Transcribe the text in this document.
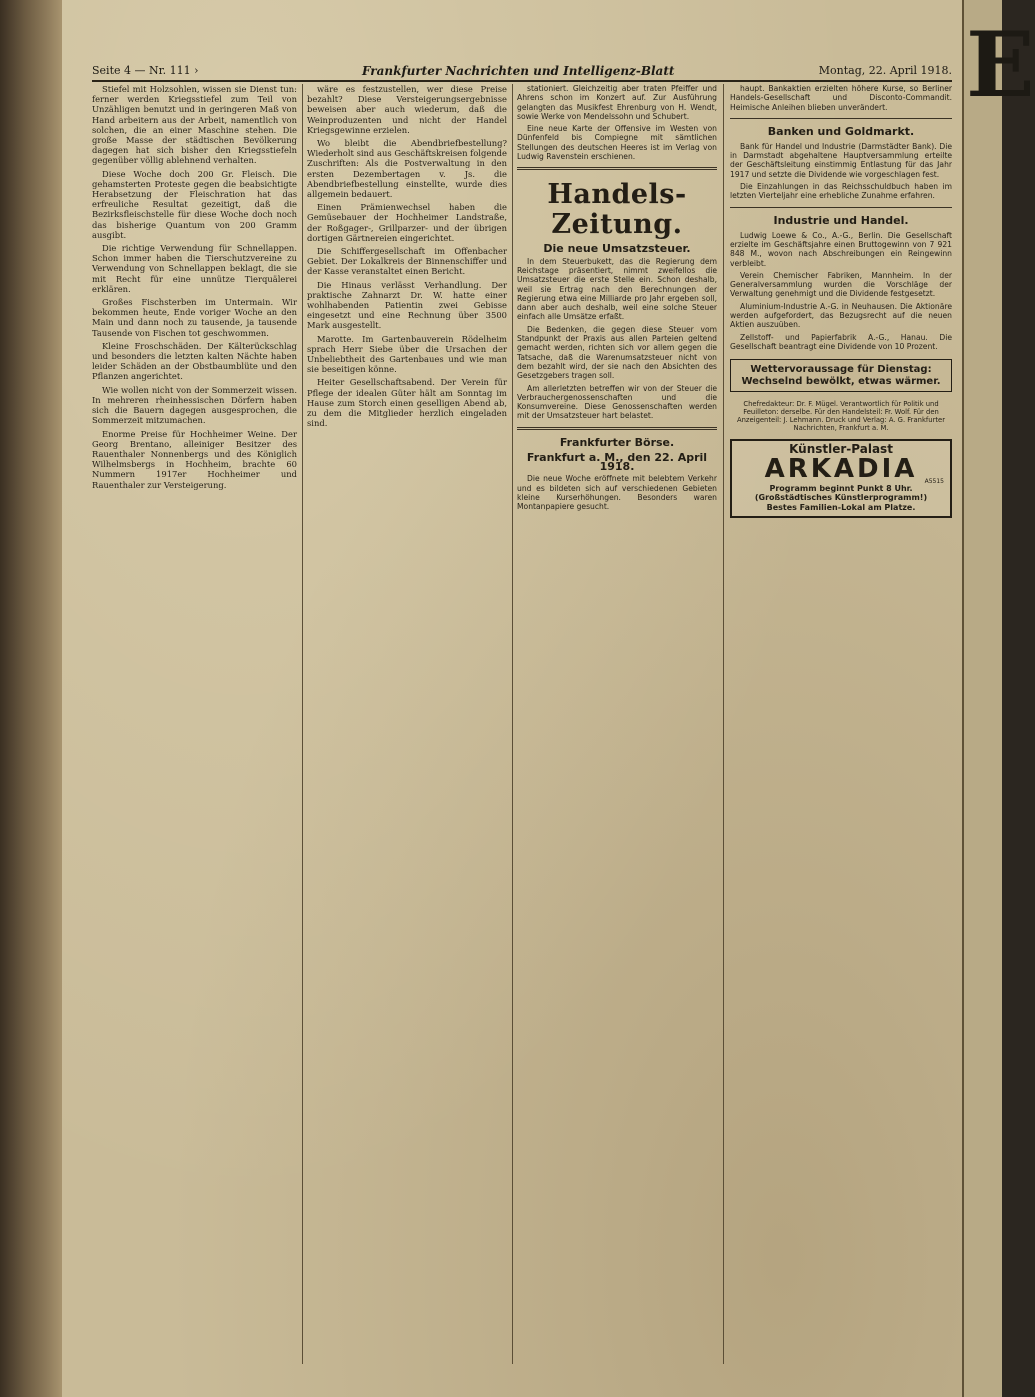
Seite 4 — Nr. 111 ›	Frankfurter Nachrichten und Intelligenz-Blatt	Montag, 22. April 1918.

Stiefel mit Holzsohlen, wissen sie Dienst tun: ferner werden Kriegsstiefel zum Teil von Unzähligen benutzt und in geringeren Maß von Hand arbeitern aus der Arbeit, namentlich von solchen, die an einer Maschine stehen. Die große Masse der städtischen Bevölkerung dagegen hat sich bisher den Kriegsstiefeln gegenüber völlig ablehnend verhalten.

Diese Woche doch 200 Gr. Fleisch. Die gehamsterten Proteste gegen die beabsichtigte Herabsetzung der Fleischration hat das erfreuliche Resultat gezeitigt, daß die Bezirksfleischstelle für diese Woche doch noch das bisherige Quantum von 200 Gramm ausgibt.

Die richtige Verwendung für Schnellappen. Schon immer haben die Tierschutzvereine zu Verwendung von Schnellappen beklagt, die sie mit Recht für eine unnütze Tierquälerei erklären.

Großes Fischsterben im Untermain. Wir bekommen heute, Ende voriger Woche an den Main und dann noch zu tausende, ja tausende Tausende von Fischen tot geschwommen.

Kleine Froschschäden. Der Kälterückschlag und besonders die letzten kalten Nächte haben leider Schäden an der Obstbaumblüte und den Pflanzen angerichtet.

Wie wollen nicht von der Sommerzeit wissen. In mehreren rheinhessischen Dörfern haben sich die Bauern dagegen ausgesprochen, die Sommerzeit mitzumachen.

Enorme Preise für Hochheimer Weine. Der Georg Brentano, alleiniger Besitzer des Rauenthaler Nonnenbergs und des Königlich Wilhelmsbergs in Hochheim, brachte 60 Nummern 1917er Hochheimer und Rauenthaler zur Versteigerung.

wäre es festzustellen, wer diese Preise bezahlt? Diese Versteigerungsergebnisse beweisen aber auch wiederum, daß die Weinproduzenten und nicht der Handel Kriegsgewinne erzielen.

Wo bleibt die Abendbriefbestellung? Wiederholt sind aus Geschäftskreisen folgende Zuschriften: Als die Postverwaltung in den ersten Dezembertagen v. Js. die Abendbriefbestellung einstellte, wurde dies allgemein bedauert.

Einen Prämienwechsel haben die Gemüsebauer der Hochheimer Landstraße, der Roßgager-, Grillparzer- und der übrigen dortigen Gärtnereien eingerichtet.

Die Schiffergesellschaft im Offenbacher Gebiet. Der Lokalkreis der Binnenschiffer und der Kasse veranstaltet einen Bericht.

Die Hinaus verlässt Verhandlung. Der praktische Zahnarzt Dr. W. hatte einer wohlhabenden Patientin zwei Gebisse eingesetzt und eine Rechnung über 3500 Mark ausgestellt.

Marotte. Im Gartenbauverein Rödelheim sprach Herr Siebe über die Ursachen der Unbeliebtheit des Gartenbaues und wie man sie beseitigen könne.

Heiter Gesellschaftsabend. Der Verein für Pflege der idealen Güter hält am Sonntag im Hause zum Storch einen geselligen Abend ab, zu dem die Mitglieder herzlich eingeladen sind.

stationiert. Gleichzeitig aber traten Pfeiffer und Ahrens schon im Konzert auf. Zur Ausführung gelangten das Musikfest Ehrenburg von H. Wendt, sowie Werke von Mendelssohn und Schubert.

Eine neue Karte der Offensive im Westen von Dünfenfeld bis Compiegne mit sämtlichen Stellungen des deutschen Heeres ist im Verlag von Ludwig Ravenstein erschienen.

Handels-Zeitung.

Die neue Umsatzsteuer.

In dem Steuerbukett, das die Regierung dem Reichstage präsentiert, nimmt zweifellos die Umsatzsteuer die erste Stelle ein. Schon deshalb, weil sie Ertrag nach den Berechnungen der Regierung etwa eine Milliarde pro Jahr ergeben soll, dann aber auch deshalb, weil eine solche Steuer einfach alle Umsätze erfaßt.

Die Bedenken, die gegen diese Steuer vom Standpunkt der Praxis aus allen Parteien geltend gemacht werden, richten sich vor allem gegen die Tatsache, daß die Warenumsatzsteuer nicht von dem bezahlt wird, der sie nach den Absichten des Gesetzgebers tragen soll.

Am allerletzten betreffen wir von der Steuer die Verbrauchergenossenschaften und die Konsumvereine. Diese Genossenschaften werden mit der Umsatzsteuer hart belastet.

Frankfurter Börse.

Frankfurt a. M., den 22. April 1918.

Die neue Woche eröffnete mit belebtem Verkehr und es bildeten sich auf verschiedenen Gebieten kleine Kurserhöhungen. Besonders waren Montanpapiere gesucht.

haupt. Bankaktien erzielten höhere Kurse, so Berliner Handels-Gesellschaft und Disconto-Commandit. Heimische Anleihen blieben unverändert.

Banken und Goldmarkt.

Bank für Handel und Industrie (Darmstädter Bank). Die in Darmstadt abgehaltene Hauptversammlung erteilte der Geschäftsleitung einstimmig Entlastung für das Jahr 1917 und setzte die Dividende wie vorgeschlagen fest.

Die Einzahlungen in das Reichsschuldbuch haben im letzten Vierteljahr eine erhebliche Zunahme erfahren.

Industrie und Handel.

Ludwig Loewe & Co., A.-G., Berlin. Die Gesellschaft erzielte im Geschäftsjahre einen Bruttogewinn von 7 921 848 M., wovon nach Abschreibungen ein Reingewinn verbleibt.

Verein Chemischer Fabriken, Mannheim. In der Generalversammlung wurden die Vorschläge der Verwaltung genehmigt und die Dividende festgesetzt.

Aluminium-Industrie A.-G. in Neuhausen. Die Aktionäre werden aufgefordert, das Bezugsrecht auf die neuen Aktien auszuüben.

Zellstoff- und Papierfabrik A.-G., Hanau. Die Gesellschaft beantragt eine Dividende von 10 Prozent.

Wettervoraussage für Dienstag:
Wechselnd bewölkt, etwas wärmer.
Chefredakteur: Dr. F. Mügel. Verantwortlich für Politik und Feuilleton: derselbe. Für den Handelsteil: Fr. Wolf. Für den Anzeigenteil: J. Lehmann. Druck und Verlag: A. G. Frankfurter Nachrichten, Frankfurt a. M.
Künstler-Palast
A5515
ARKADIA
Programm beginnt Punkt 8 Uhr.
(Großstädtisches Künstlerprogramm!)
Bestes Familien-Lokal am Platze.
E
